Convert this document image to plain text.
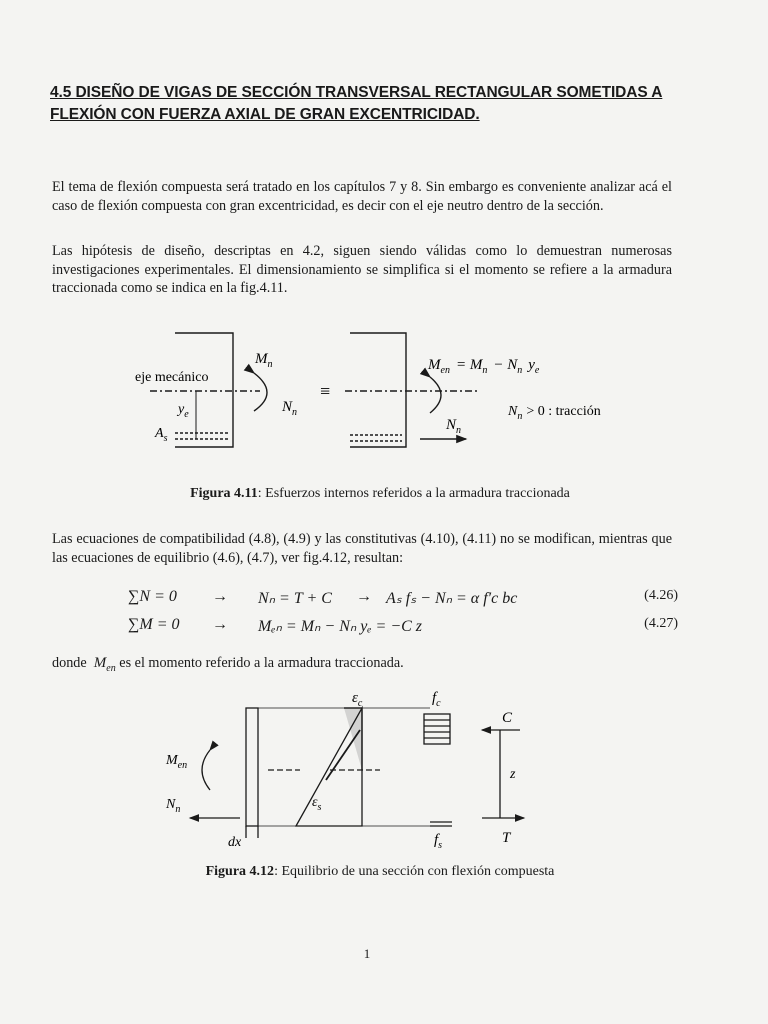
4.5 DISEÑO DE VIGAS DE SECCIÓN TRANSVERSAL RECTANGULAR SOMETIDAS A FLEXIÓN CON FUERZA AXIAL DE GRAN EXCENTRICIDAD.
El tema de flexión compuesta será tratado en los capítulos 7 y 8. Sin embargo es conveniente analizar acá el caso de flexión compuesta con gran excentricidad, es decir con el eje neutro dentro de la sección.
Las hipótesis de diseño, descriptas en 4.2, siguen siendo válidas como lo demuestran numerosas investigaciones experimentales. El dimensionamiento se simplifica si el momento se refiere a la armadura traccionada como se indica en la fig.4.11.
eje mecánico
$y_e$
$A_s$
$M_n$
$N_n$
≡
$M_{en} = M_n - N_n$ $y_e$
$N_n > 0$ : tracción
$N_n$
Figura 4.11: Esfuerzos internos referidos a la armadura traccionada
Las ecuaciones de compatibilidad (4.8), (4.9) y las constitutivas (4.10), (4.11) no se modifican, mientras que las ecuaciones de equilibrio (4.6), (4.7), ver fig.4.12, resultan:
∑N = 0 → Nₙ = T + C → Aₛ fₛ − Nₙ = α f′c bc	(4.26)
∑M = 0 → Mₑₙ = Mₙ − Nₙ yₑ = −C z	(4.27)
donde $M_{en}$ es el momento referido a la armadura traccionada.
$\varepsilon_c$	$f_c$
C
$M_{en}$
$N_n$	$\varepsilon_s$
z
dx	$f_s$	T
Figura 4.12: Equilibrio de una sección con flexión compuesta
1
